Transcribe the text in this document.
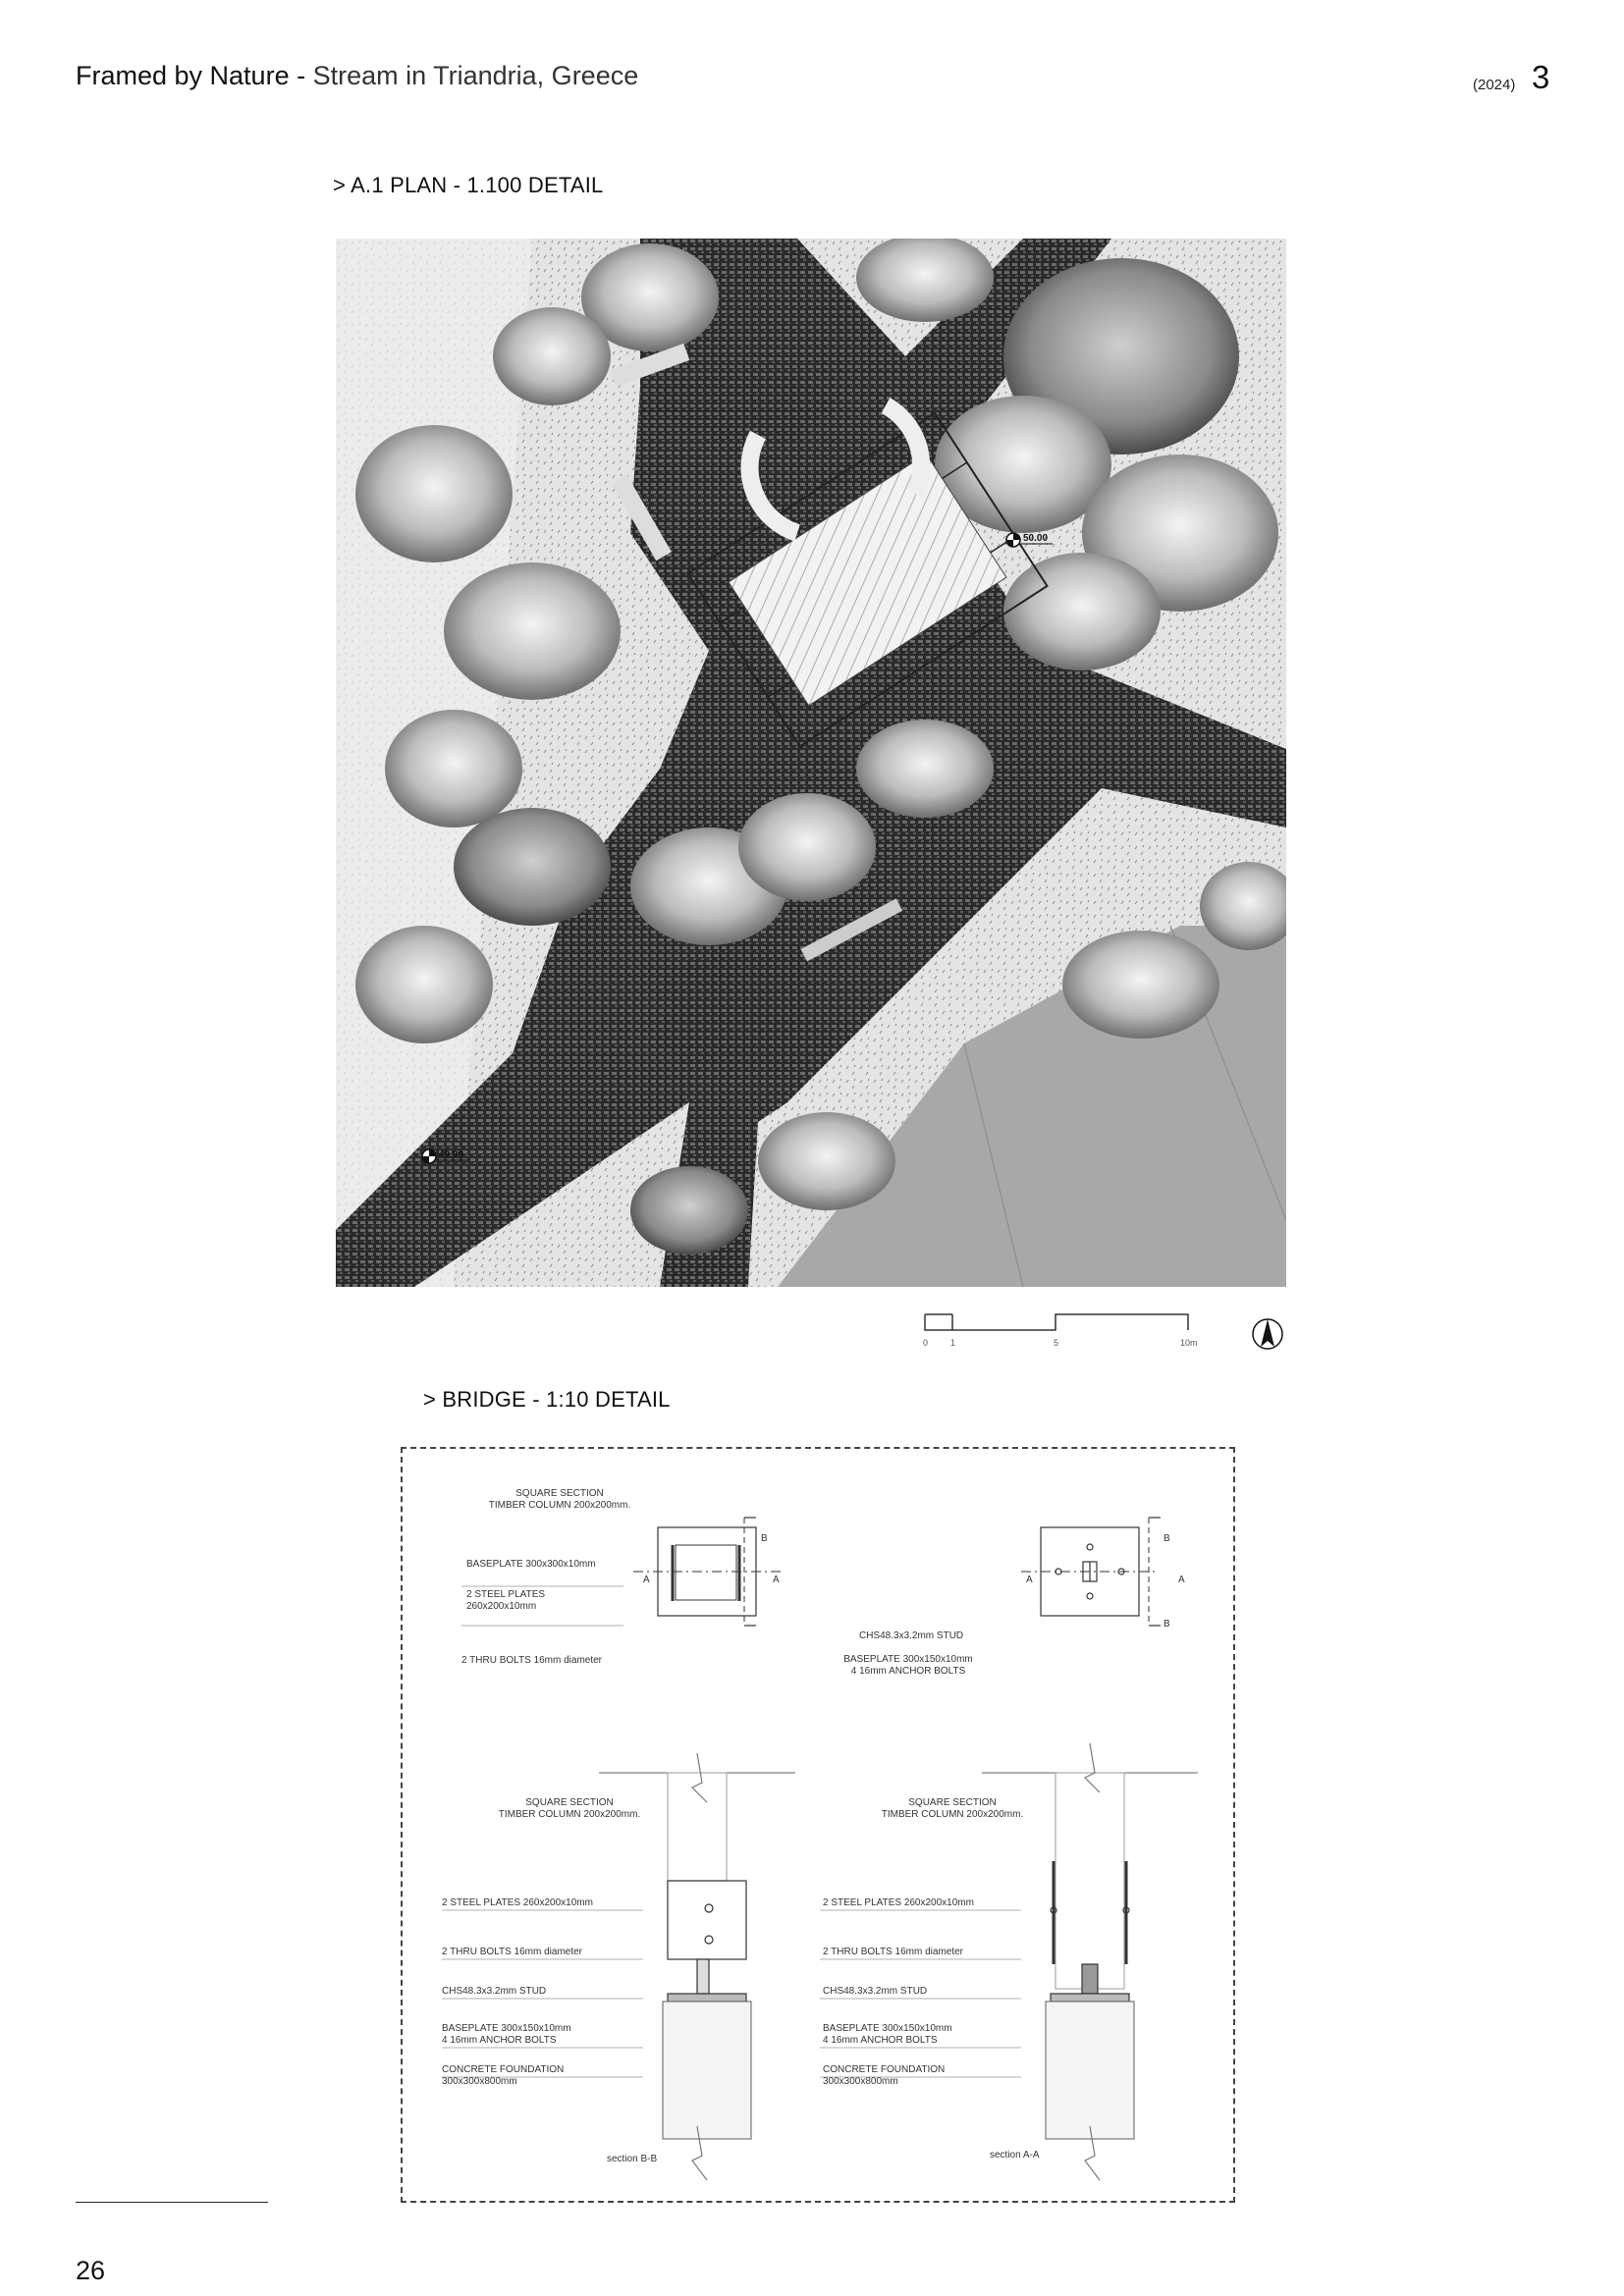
Framed by Nature - Stream in Triandria, Greece	(2024) 3
> A.1 PLAN - 1.100 DETAIL
50.00
49.00
0	1	5	10m
> BRIDGE - 1:10 DETAIL
SQUARE SECTION
TIMBER COLUMN 200x200mm.
BASEPLATE 300x300x10mm
2 STEEL PLATES
260x200x10mm
2 THRU BOLTS 16mm diameter
A	A
B
CHS48.3x3.2mm STUD
BASEPLATE 300x150x10mm
4 16mm ANCHOR BOLTS
A	A
B
B
SQUARE SECTION
TIMBER COLUMN 200x200mm.
2 STEEL PLATES 260x200x10mm
2 THRU BOLTS 16mm diameter
CHS48.3x3.2mm STUD
BASEPLATE 300x150x10mm
4 16mm ANCHOR BOLTS
CONCRETE FOUNDATION
300x300x800mm
section B-B
SQUARE SECTION
TIMBER COLUMN 200x200mm.
2 STEEL PLATES 260x200x10mm
2 THRU BOLTS 16mm diameter
CHS48.3x3.2mm STUD
BASEPLATE 300x150x10mm
4 16mm ANCHOR BOLTS
CONCRETE FOUNDATION
300x300x800mm
section A-A
26
